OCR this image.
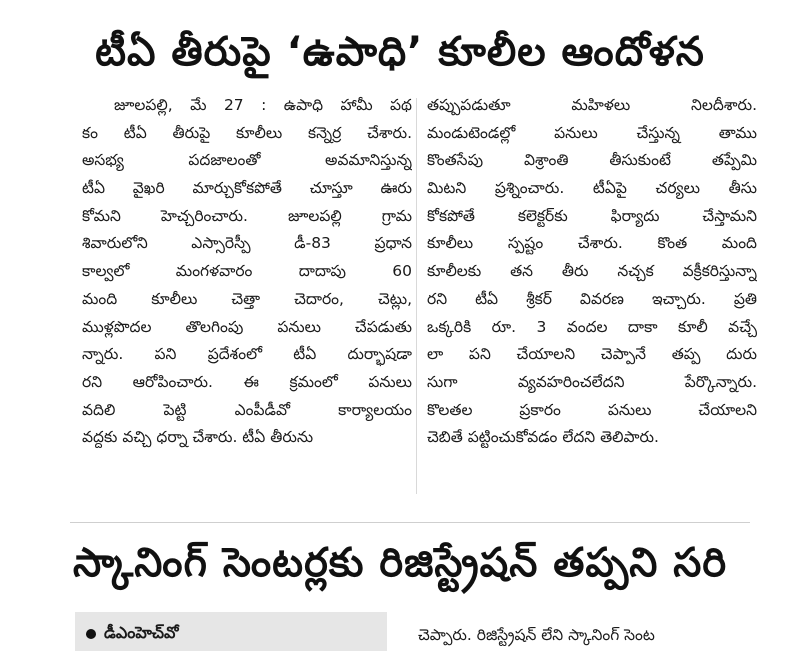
టీఏ తీరుపై ‘ఉపాధి’ కూలీల ఆందోళన
జూలపల్లి, మే 27 : ఉపాధి హామీ పథ
కం టీఏ తీరుపై కూలీలు కన్నెర్ర చేశారు.
అసభ్య పదజాలంతో అవమానిస్తున్న
టీఏ వైఖరి మార్చుకోకపోతే చూస్తూ ఊరు
కోమని హెచ్చరించారు. జూలపల్లి గ్రామ
శివారులోని ఎస్సారెస్పీ డీ-83 ప్రధాన
కాల్వలో మంగళవారం దాదాపు 60
మంది కూలీలు చెత్తా చెదారం, చెట్లు,
ముళ్లపొదల తొలగింపు పనులు చేపడుతు
న్నారు. పని ప్రదేశంలో టీఏ దుర్భాషడా
రని ఆరోపించారు. ఈ క్రమంలో పనులు
వదిలి పెట్టి ఎంపీడీవో కార్యాలయం
వద్దకు వచ్చి ధర్నా చేశారు. టీఏ తీరును
తప్పుపడుతూ మహిళలు నిలదీశారు.
మండుటెండల్లో పనులు చేస్తున్న తాము
కొంతసేపు విశ్రాంతి తీసుకుంటే తప్పేమి
మిటని ప్రశ్నించారు. టీఏపై చర్యలు తీసు
కోకపోతే కలెక్టర్‌కు ఫిర్యాదు చేస్తామని
కూలీలు స్పష్టం చేశారు. కొంత మంది
కూలీలకు తన తీరు నచ్చక వక్రీకరిస్తున్నా
రని టీఏ శ్రీకర్ వివరణ ఇచ్చారు. ప్రతి
ఒక్కరికి రూ. 3 వందల దాకా కూలీ వచ్చే
లా పని చేయాలని చెప్పానే తప్ప దురు
సుగా వ్యవహరించలేదని పేర్కొన్నారు.
కొలతల ప్రకారం పనులు చేయాలని
చెబితే పట్టించుకోవడం లేదని తెలిపారు.
స్కానింగ్ సెంటర్లకు రిజిస్ట్రేషన్ తప్పని సరి
డీఎంహెచ్‌వో	చెప్పారు. రిజిస్ట్రేషన్ లేని స్కానింగ్ సెంట
